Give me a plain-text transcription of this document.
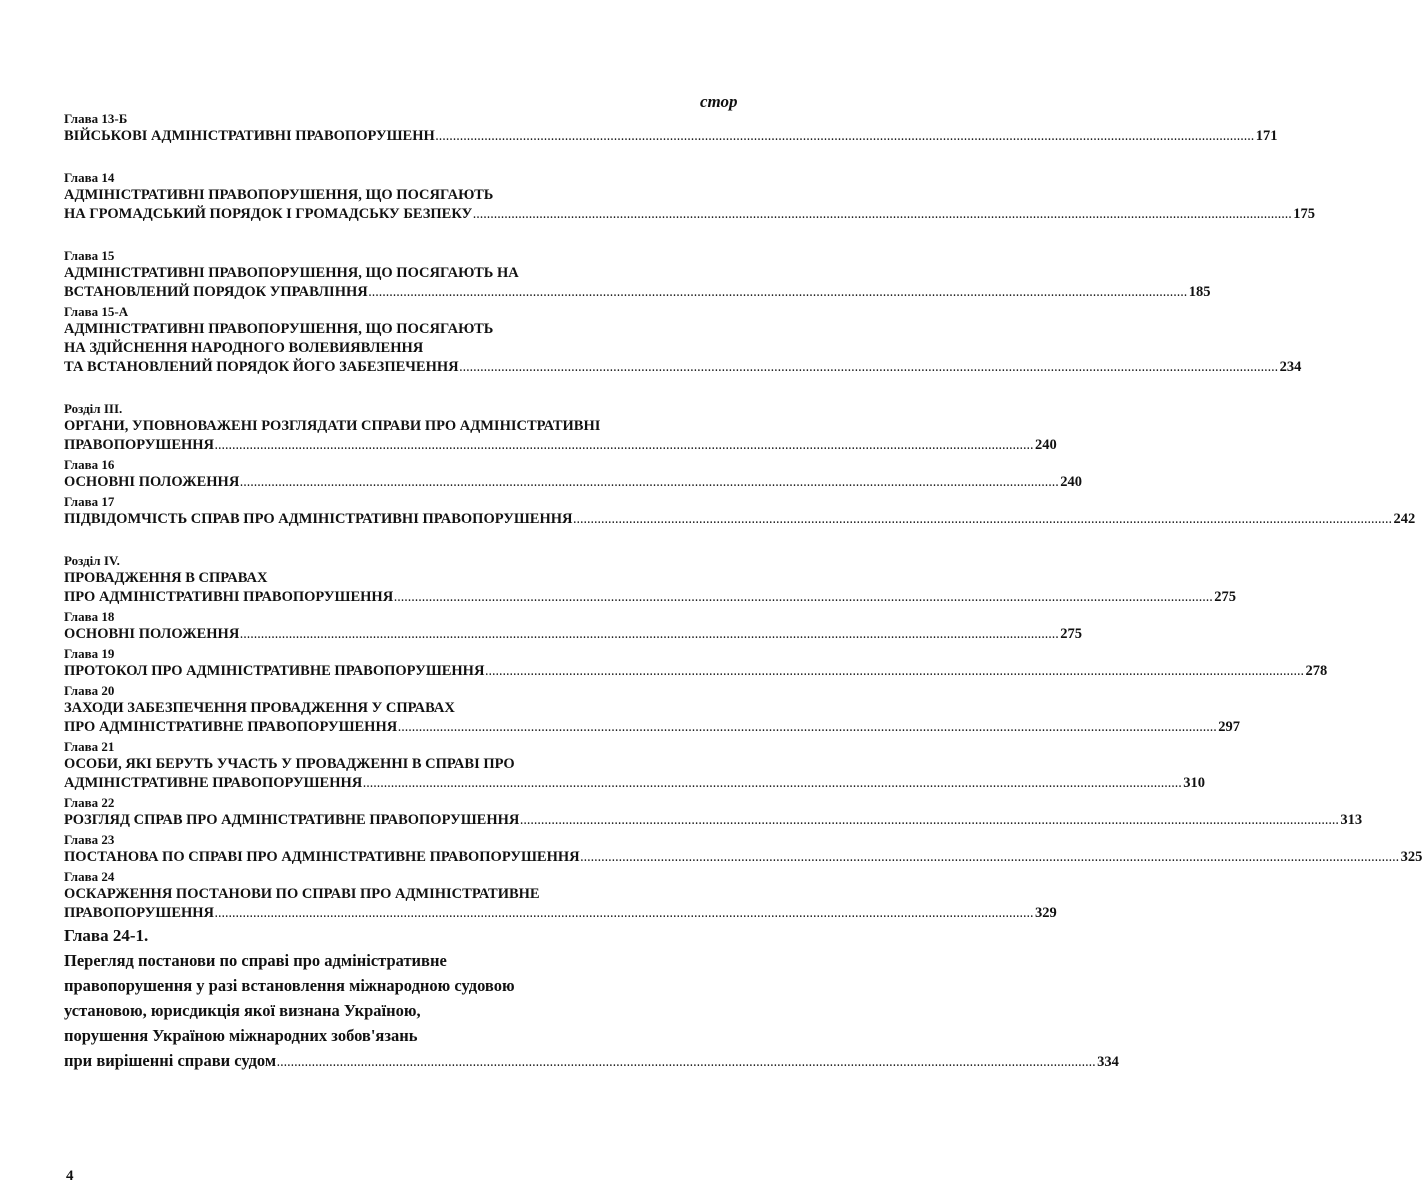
стор
Глава 13-Б
ВІЙСЬКОВІ АДМІНІСТРАТИВНІ ПРАВОПОРУШЕНН .......................................................................................................................................................................................................................................... 171
Глава 14
АДМІНІСТРАТИВНІ ПРАВОПОРУШЕННЯ, ЩО ПОСЯГАЮТЬ
НА ГРОМАДСЬКИЙ ПОРЯДОК І ГРОМАДСЬКУ БЕЗПЕКУ .......................................................................................................................................................................................................................................... 175
Глава 15
АДМІНІСТРАТИВНІ ПРАВОПОРУШЕННЯ, ЩО ПОСЯГАЮТЬ НА
ВСТАНОВЛЕНИЙ ПОРЯДОК УПРАВЛІННЯ .......................................................................................................................................................................................................................................... 185
Глава 15-А
АДМІНІСТРАТИВНІ ПРАВОПОРУШЕННЯ, ЩО ПОСЯГАЮТЬ
НА ЗДІЙСНЕННЯ НАРОДНОГО ВОЛЕВИЯВЛЕННЯ
ТА ВСТАНОВЛЕНИЙ ПОРЯДОК ЙОГО ЗАБЕЗПЕЧЕННЯ .......................................................................................................................................................................................................................................... 234
Розділ III.
ОРГАНИ, УПОВНОВАЖЕНІ РОЗГЛЯДАТИ СПРАВИ ПРО АДМІНІСТРАТИВНІ
ПРАВОПОРУШЕННЯ .......................................................................................................................................................................................................................................... 240
Глава 16
ОСНОВНІ ПОЛОЖЕННЯ .......................................................................................................................................................................................................................................... 240
Глава 17
ПІДВІДОМЧІСТЬ СПРАВ ПРО АДМІНІСТРАТИВНІ ПРАВОПОРУШЕННЯ .......................................................................................................................................................................................................................................... 242
Розділ IV.
ПРОВАДЖЕННЯ В СПРАВАХ
ПРО АДМІНІСТРАТИВНІ ПРАВОПОРУШЕННЯ .......................................................................................................................................................................................................................................... 275
Глава 18
ОСНОВНІ ПОЛОЖЕННЯ .......................................................................................................................................................................................................................................... 275
Глава 19
ПРОТОКОЛ ПРО АДМІНІСТРАТИВНЕ ПРАВОПОРУШЕННЯ .......................................................................................................................................................................................................................................... 278
Глава 20
ЗАХОДИ ЗАБЕЗПЕЧЕННЯ ПРОВАДЖЕННЯ У СПРАВАХ
ПРО АДМІНІСТРАТИВНЕ ПРАВОПОРУШЕННЯ .......................................................................................................................................................................................................................................... 297
Глава 21
ОСОБИ, ЯКІ БЕРУТЬ УЧАСТЬ У ПРОВАДЖЕННІ В СПРАВІ ПРО
АДМІНІСТРАТИВНЕ ПРАВОПОРУШЕННЯ .......................................................................................................................................................................................................................................... 310
Глава 22
РОЗГЛЯД СПРАВ ПРО АДМІНІСТРАТИВНЕ ПРАВОПОРУШЕННЯ .......................................................................................................................................................................................................................................... 313
Глава 23
ПОСТАНОВА ПО СПРАВІ ПРО АДМІНІСТРАТИВНЕ ПРАВОПОРУШЕННЯ .......................................................................................................................................................................................................................................... 325
Глава 24
ОСКАРЖЕННЯ ПОСТАНОВИ ПО СПРАВІ ПРО АДМІНІСТРАТИВНЕ
ПРАВОПОРУШЕННЯ .......................................................................................................................................................................................................................................... 329
Глава 24-1.
Перегляд постанови по справі про адміністративне
правопорушення у разі встановлення міжнародною судовою
установою, юрисдикція якої визнана Україною,
порушення Україною міжнародних зобов'язань
при вирішенні справи судом .......................................................................................................................................................................................................................................... 334
4
